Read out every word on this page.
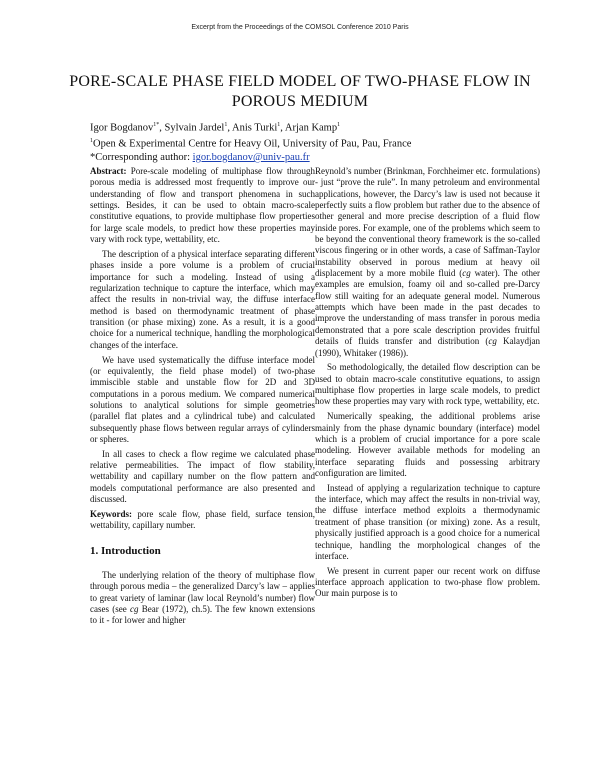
Excerpt from the Proceedings of the COMSOL Conference 2010 Paris
PORE-SCALE PHASE FIELD MODEL OF TWO-PHASE FLOW IN POROUS MEDIUM
Igor Bogdanov$^{1*}$, Sylvain Jardel$^1$, Anis Turki$^1$, Arjan Kamp$^1$
$^1$Open & Experimental Centre for Heavy Oil, University of Pau, Pau, France
*Corresponding author: igor.bogdanov@univ-pau.fr

Abstract: Pore-scale modeling of multiphase flow through porous media is addressed most frequently to improve our understanding of flow and transport phenomena in such settings. Besides, it can be used to obtain macro-scale constitutive equations, to provide multiphase flow properties for large scale models, to predict how these properties may vary with rock type, wettability, etc.

The description of a physical interface separating different phases inside a pore volume is a problem of crucial importance for such a modeling. Instead of using a regularization technique to capture the interface, which may affect the results in non-trivial way, the diffuse interface method is based on thermodynamic treatment of phase transition (or phase mixing) zone. As a result, it is a good choice for a numerical technique, handling the morphological changes of the interface.

We have used systematically the diffuse interface model (or equivalently, the field phase model) of two-phase immiscible stable and unstable flow for 2D and 3D computations in a porous medium. We compared numerical solutions to analytical solutions for simple geometries (parallel flat plates and a cylindrical tube) and calculated subsequently phase flows between regular arrays of cylinders or spheres.

In all cases to check a flow regime we calculated phase relative permeabilities. The impact of flow stability, wettability and capillary number on the flow pattern and models computational performance are also presented and discussed.

Keywords: pore scale flow, phase field, surface tension, wettability, capillary number.

1. Introduction

The underlying relation of the theory of multiphase flow through porous media – the generalized Darcy’s law – applies to great variety of laminar (law local Reynold’s number) flow cases (see cg Bear (1972), ch.5). The few known extensions to it - for lower and higher

Reynold’s number (Brinkman, Forchheimer etc. formulations) - just “prove the rule”. In many petroleum and environmental applications, however, the Darcy’s law is used not because it perfectly suits a flow problem but rather due to the absence of other general and more precise description of a fluid flow inside pores. For example, one of the problems which seem to be beyond the conventional theory framework is the so-called viscous fingering or in other words, a case of Saffman-Taylor instability observed in porous medium at heavy oil displacement by a more mobile fluid (cg water). The other examples are emulsion, foamy oil and so-called pre-Darcy flow still waiting for an adequate general model. Numerous attempts which have been made in the past decades to improve the understanding of mass transfer in porous media demonstrated that a pore scale description provides fruitful details of fluids transfer and distribution (cg Kalaydjan (1990), Whitaker (1986)).

So methodologically, the detailed flow description can be used to obtain macro-scale constitutive equations, to assign multiphase flow properties in large scale models, to predict how these properties may vary with rock type, wettability, etc.

Numerically speaking, the additional problems arise mainly from the phase dynamic boundary (interface) model which is a problem of crucial importance for a pore scale modeling. However available methods for modeling an interface separating fluids and possessing arbitrary configuration are limited.

Instead of applying a regularization technique to capture the interface, which may affect the results in non-trivial way, the diffuse interface method exploits a thermodynamic treatment of phase transition (or mixing) zone. As a result, physically justified approach is a good choice for a numerical technique, handling the morphological changes of the interface.

We present in current paper our recent work on diffuse interface approach application to two-phase flow problem. Our main purpose is to
